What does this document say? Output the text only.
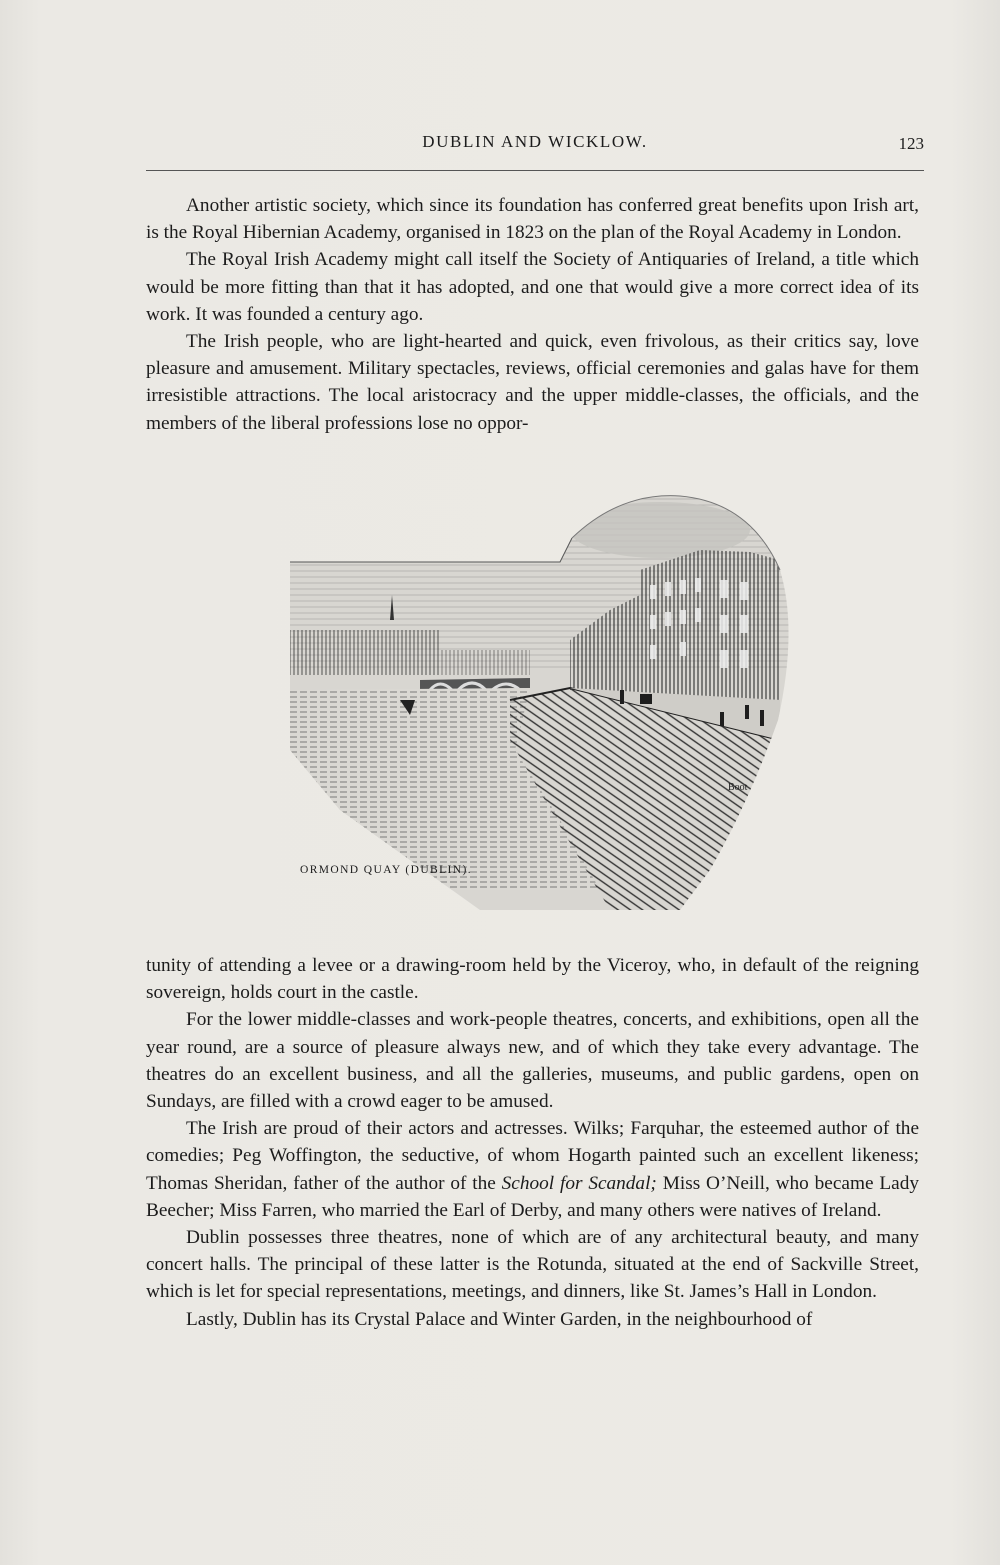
DUBLIN AND WICKLOW.	123

Another artistic society, which since its foundation has conferred great benefits upon Irish art, is the Royal Hibernian Academy, organised in 1823 on the plan of the Royal Academy in London.

The Royal Irish Academy might call itself the Society of Antiquaries of Ireland, a title which would be more fitting than that it has adopted, and one that would give a more correct idea of its work. It was founded a century ago.

The Irish people, who are light-hearted and quick, even frivolous, as their critics say, love pleasure and amusement. Military spectacles, reviews, official ceremonies and galas have for them irresistible attractions. The local aristocracy and the upper middle-classes, the officials, and the members of the liberal professions lose no oppor-

Boot
ORMOND QUAY (DUBLIN).

tunity of attending a levee or a drawing-room held by the Viceroy, who, in default of the reigning sovereign, holds court in the castle.

For the lower middle-classes and work-people theatres, concerts, and exhibitions, open all the year round, are a source of pleasure always new, and of which they take every advantage. The theatres do an excellent business, and all the galleries, museums, and public gardens, open on Sundays, are filled with a crowd eager to be amused.

The Irish are proud of their actors and actresses. Wilks; Farquhar, the esteemed author of the comedies; Peg Woffington, the seductive, of whom Hogarth painted such an excellent likeness; Thomas Sheridan, father of the author of the School for Scandal; Miss O’Neill, who became Lady Beecher; Miss Farren, who married the Earl of Derby, and many others were natives of Ireland.

Dublin possesses three theatres, none of which are of any architectural beauty, and many concert halls. The principal of these latter is the Rotunda, situated at the end of Sackville Street, which is let for special representations, meetings, and dinners, like St. James’s Hall in London.

Lastly, Dublin has its Crystal Palace and Winter Garden, in the neighbourhood of
